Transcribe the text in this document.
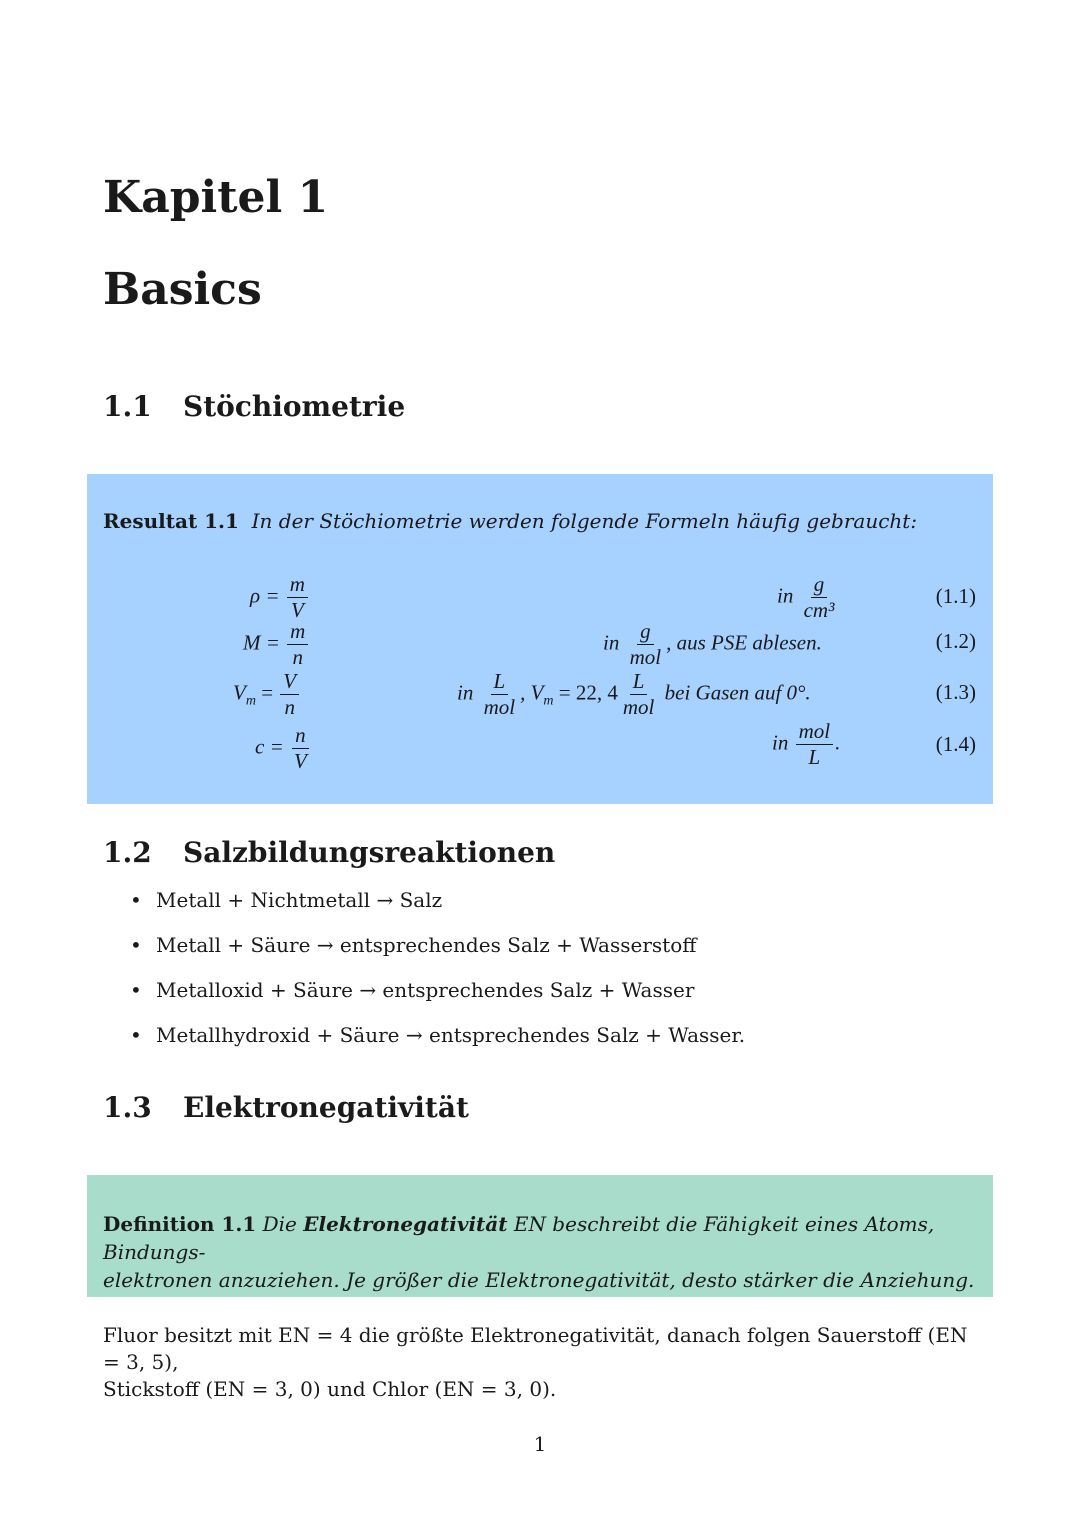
Kapitel 1
Basics
1.1 Stöchiometrie
Resultat 1.1 In der Stöchiometrie werden folgende Formeln häufig gebraucht:
$\rho = \frac{m}{V}$	in $\frac{g}{\text{cm³}}$	(1.1)
$M = \frac{m}{n}$	in $\frac{g}{\text{mol}}$ , aus PSE ablesen.	(1.2)
$V_m = \frac{V}{n}$	in $\frac{L}{\text{mol}}$ , $V_m = 22$, $4 \frac{L}{\text{mol}}$ bei Gasen auf 0°.	(1.3)
$c = \frac{n}{V}$	in $\frac{\text{mol}}{L}$ .	(1.4)
1.2 Salzbildungsreaktionen
• Metall + Nichtmetall → Salz
• Metall + Säure → entsprechendes Salz + Wasserstoff
• Metalloxid + Säure → entsprechendes Salz + Wasser
• Metallhydroxid + Säure → entsprechendes Salz + Wasser.
1.3 Elektronegativität
Definition 1.1 Die Elektronegativität EN beschreibt die Fähigkeit eines Atoms, Bindungs-
elektronen anzuziehen. Je größer die Elektronegativität, desto stärker die Anziehung.

Fluor besitzt mit EN = 4 die größte Elektronegativität, danach folgen Sauerstoff (EN = 3, 5),
Stickstoff (EN = 3, 0) und Chlor (EN = 3, 0).

1
